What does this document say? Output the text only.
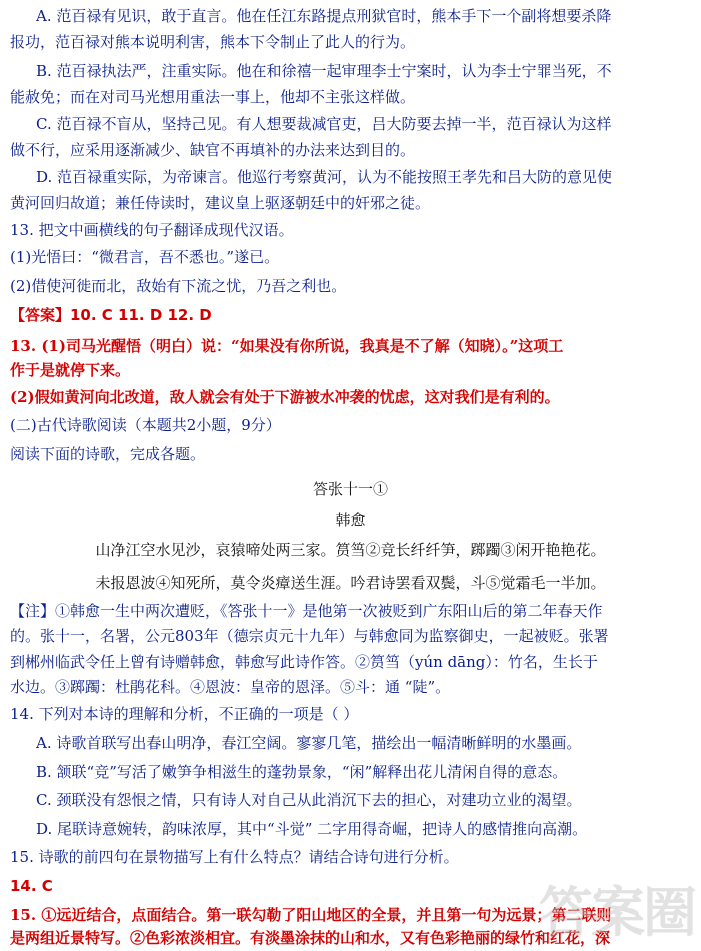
A. 范百禄有见识，敢于直言。他在任江东路提点刑狱官时，熊本手下一个副将想要杀降
报功，范百禄对熊本说明利害，熊本下令制止了此人的行为。
B. 范百禄执法严，注重实际。他在和徐禧一起审理李士宁案时，认为李士宁罪当死，不
能赦免；而在对司马光想用重法一事上，他却不主张这样做。
C. 范百禄不盲从，坚持己见。有人想要裁减官吏，吕大防要去掉一半，范百禄认为这样
做不行，应采用逐渐减少、缺官不再填补的办法来达到目的。
D. 范百禄重实际，为帝谏言。他巡行考察黄河，认为不能按照王孝先和吕大防的意见使
黄河回归故道；兼任侍读时，建议皇上驱逐朝廷中的奸邪之徒。
13. 把文中画横线的句子翻译成现代汉语。
(1)光悟曰：“微君言，吾不悉也。”遂已。
(2)借使河徙而北，敌始有下流之忧，乃吾之利也。
【答案】10. C 11. D 12. D
13. (1)司马光醒悟（明白）说：“如果没有你所说，我真是不了解（知晓）。”这项工
作于是就停下来。
(2)假如黄河向北改道，敌人就会有处于下游被水冲袭的忧虑，这对我们是有利的。
(二)古代诗歌阅读（本题共2小题，9分）
阅读下面的诗歌，完成各题。
答张十一①
韩愈
山净江空水见沙，哀猿啼处两三家。筼筜②竞长纤纤笋，踯躅③闲开艳艳花。
未报恩波④知死所，莫令炎瘴送生涯。吟君诗罢看双鬓，斗⑤觉霜毛一半加。
【注】①韩愈一生中两次遭贬，《答张十一》是他第一次被贬到广东阳山后的第二年春天作
的。张十一，名署，公元803年（德宗贞元十九年）与韩愈同为监察御史，一起被贬。张署
到郴州临武令任上曾有诗赠韩愈，韩愈写此诗作答。②筼筜（yún dāng）：竹名，生长于
水边。③踯躅：杜鹃花科。④恩波：皇帝的恩泽。⑤斗：通 “陡”。
14. 下列对本诗的理解和分析，不正确的一项是（ ）
A. 诗歌首联写出春山明净，春江空阔。寥寥几笔，描绘出一幅清晰鲜明的水墨画。
B. 颔联“竞”写活了嫩笋争相滋生的蓬勃景象，“闲”解释出花儿清闲自得的意态。
C. 颈联没有怨恨之情，只有诗人对自己从此消沉下去的担心，对建功立业的渴望。
D. 尾联诗意婉转，韵味浓厚，其中“斗觉” 二字用得奇崛，把诗人的感情推向高潮。
15. 诗歌的前四句在景物描写上有什么特点？请结合诗句进行分析。
14. C
15. ①远近结合，点面结合。第一联勾勒了阳山地区的全景，并且第一句为远景；第二联则
是两组近景特写。②色彩浓淡相宜。有淡墨涂抹的山和水，又有色彩艳丽的绿竹和红花，深
答案圈
